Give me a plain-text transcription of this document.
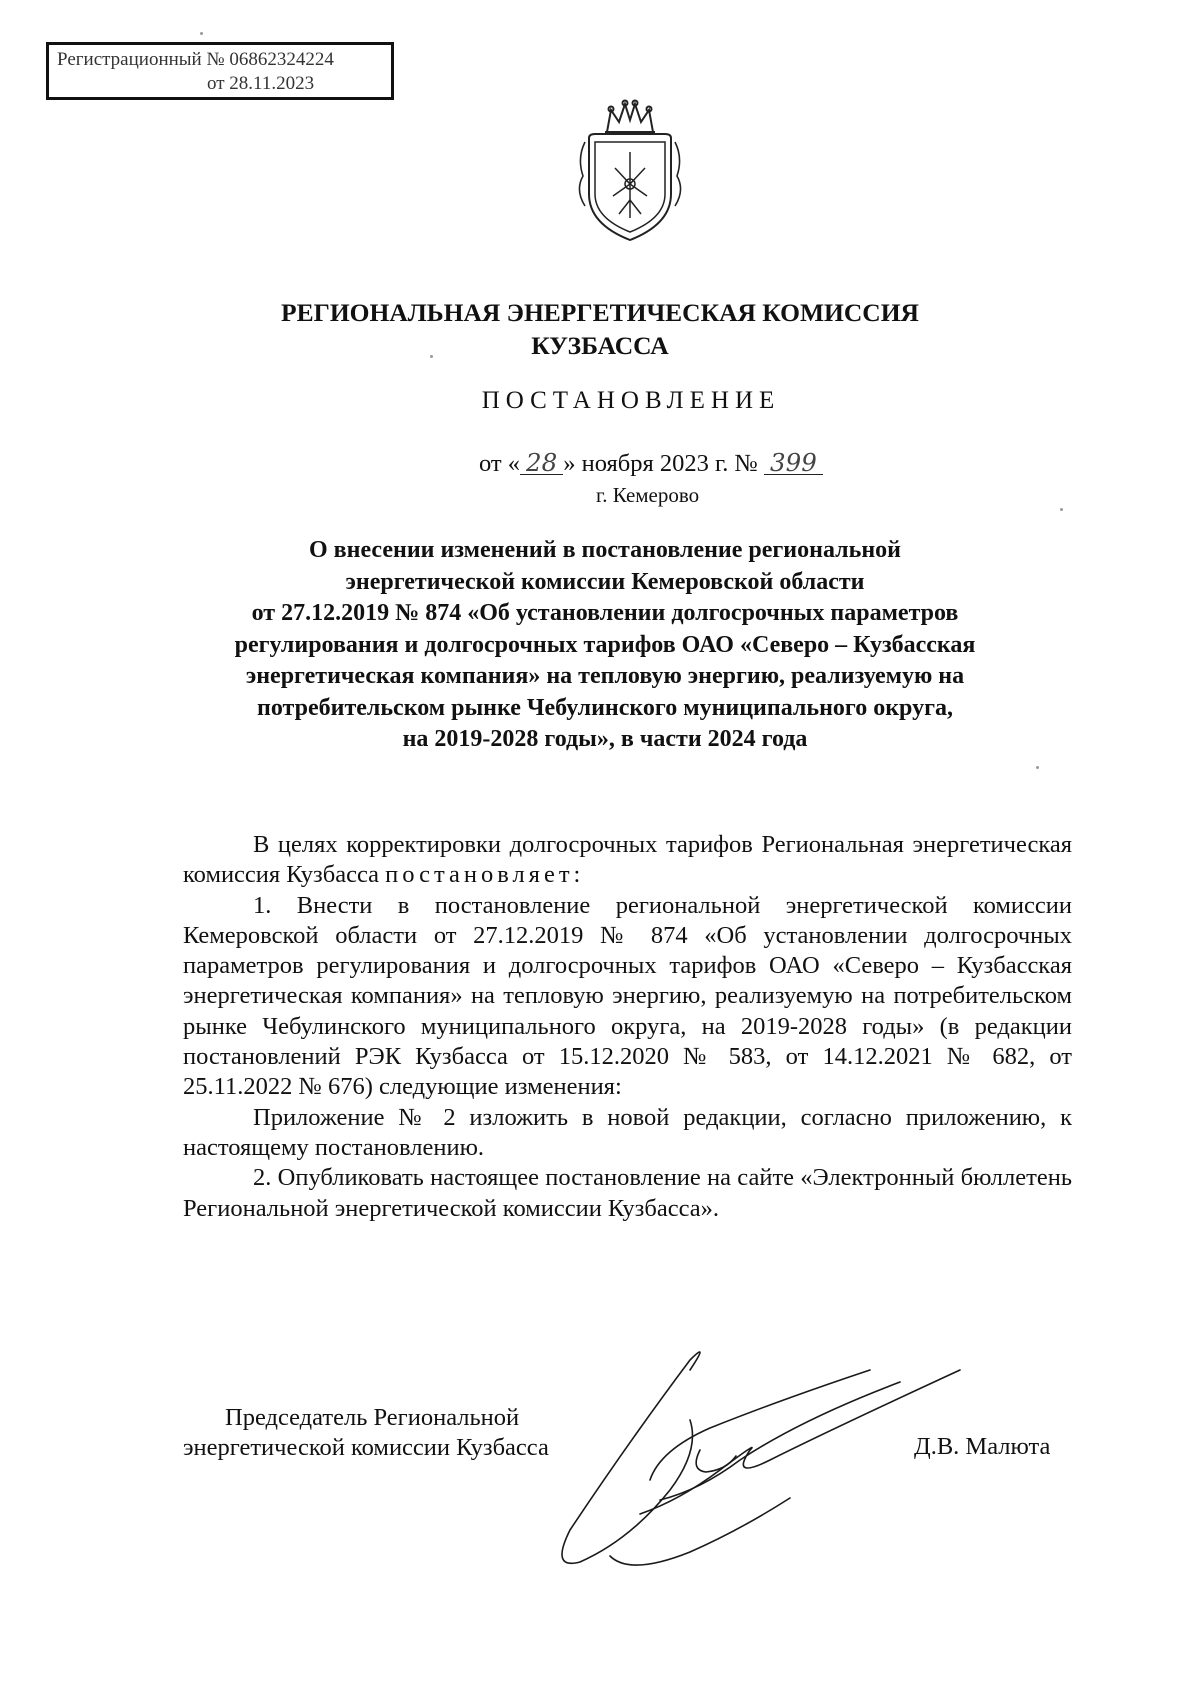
Регистрационный № 06862324224
от 28.11.2023
РЕГИОНАЛЬНАЯ ЭНЕРГЕТИЧЕСКАЯ КОМИССИЯ
КУЗБАССА
ПОСТАНОВЛЕНИЕ
от « 28 » ноября 2023 г. № 399
г. Кемерово
О внесении изменений в постановление региональной
энергетической комиссии Кемеровской области
от 27.12.2019 № 874 «Об установлении долгосрочных параметров
регулирования и долгосрочных тарифов ОАО «Северо – Кузбасская
энергетическая компания» на тепловую энергию, реализуемую на
потребительском рынке Чебулинского муниципального округа,
на 2019-2028 годы», в части 2024 года

В целях корректировки долгосрочных тарифов Региональная энергетическая комиссия Кузбасса постановляет:

1. Внести в постановление региональной энергетической комиссии Кемеровской области от 27.12.2019 № 874 «Об установлении долгосрочных параметров регулирования и долгосрочных тарифов ОАО «Северо – Кузбасская энергетическая компания» на тепловую энергию, реализуемую на потребительском рынке Чебулинского муниципального округа, на 2019-2028 годы» (в редакции постановлений РЭК Кузбасса от 15.12.2020 № 583, от 14.12.2021 № 682, от 25.11.2022 № 676) следующие изменения:

Приложение № 2 изложить в новой редакции, согласно приложению, к настоящему постановлению.

2. Опубликовать настоящее постановление на сайте «Электронный бюллетень Региональной энергетической комиссии Кузбасса».

Председатель Региональной
энергетической комиссии Кузбасса	Д.В. Малюта
